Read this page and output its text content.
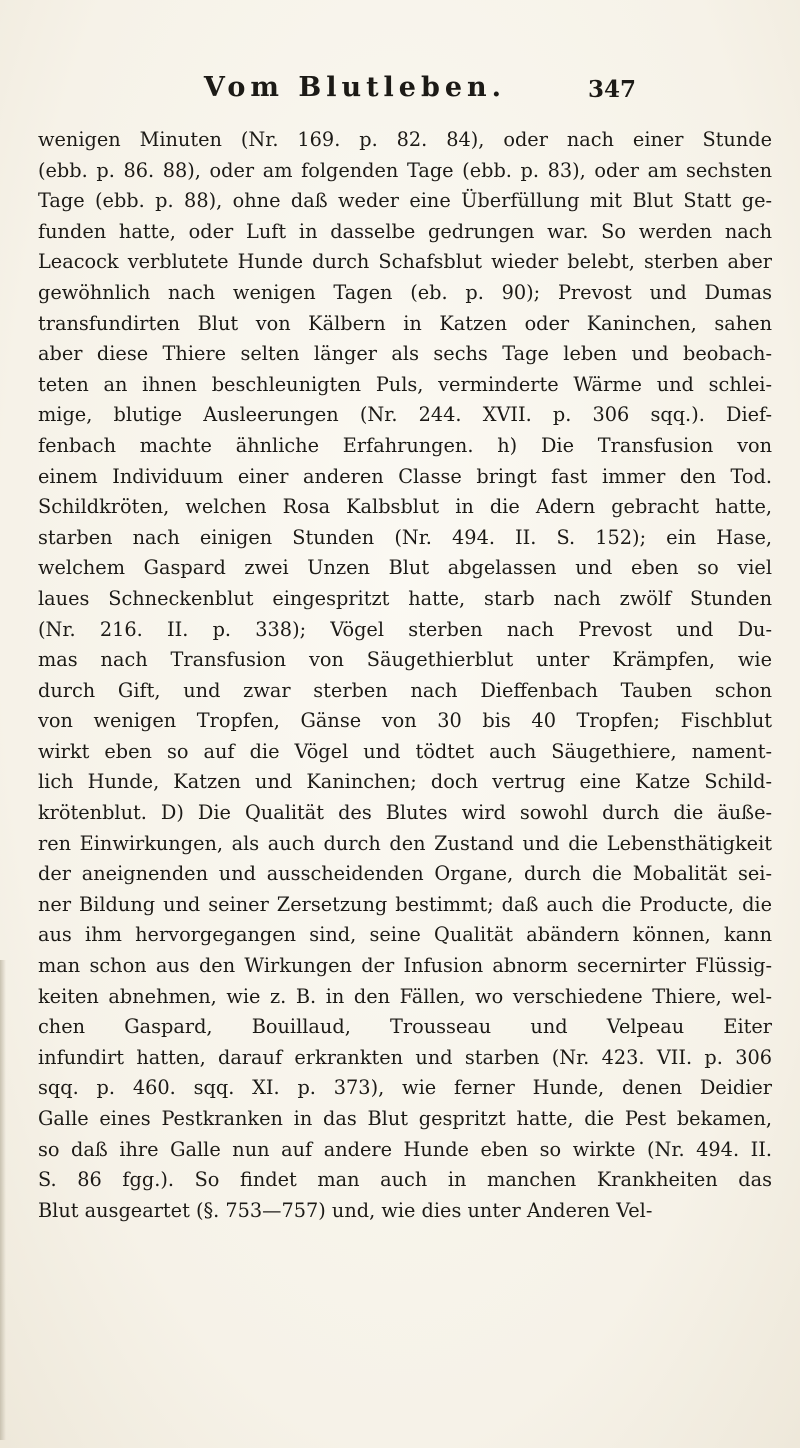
Vom Blutleben.	347
wenigen Minuten (Nr. 169. p. 82. 84), oder nach einer Stunde
(ebb. p. 86. 88), oder am folgenden Tage (ebb. p. 83), oder am sechsten
Tage (ebb. p. 88), ohne daß weder eine Überfüllung mit Blut Statt ge-
funden hatte, oder Luft in dasselbe gedrungen war. So werden nach
Leacock verblutete Hunde durch Schafsblut wieder belebt, sterben aber
gewöhnlich nach wenigen Tagen (eb. p. 90); Prevost und Dumas
transfundirten Blut von Kälbern in Katzen oder Kaninchen, sahen
aber diese Thiere selten länger als sechs Tage leben und beobach-
teten an ihnen beschleunigten Puls, verminderte Wärme und schlei-
mige, blutige Ausleerungen (Nr. 244. XVII. p. 306 sqq.). Dief-
fenbach machte ähnliche Erfahrungen. h) Die Transfusion von
einem Individuum einer anderen Classe bringt fast immer den Tod.
Schildkröten, welchen Rosa Kalbsblut in die Adern gebracht hatte,
starben nach einigen Stunden (Nr. 494. II. S. 152); ein Hase,
welchem Gaspard zwei Unzen Blut abgelassen und eben so viel
laues Schneckenblut eingespritzt hatte, starb nach zwölf Stunden
(Nr. 216. II. p. 338); Vögel sterben nach Prevost und Du-
mas nach Transfusion von Säugethierblut unter Krämpfen, wie
durch Gift, und zwar sterben nach Dieffenbach Tauben schon
von wenigen Tropfen, Gänse von 30 bis 40 Tropfen; Fischblut
wirkt eben so auf die Vögel und tödtet auch Säugethiere, nament-
lich Hunde, Katzen und Kaninchen; doch vertrug eine Katze Schild-
krötenblut. D) Die Qualität des Blutes wird sowohl durch die äuße-
ren Einwirkungen, als auch durch den Zustand und die Lebensthätigkeit
der aneignenden und ausscheidenden Organe, durch die Mobalität sei-
ner Bildung und seiner Zersetzung bestimmt; daß auch die Producte, die
aus ihm hervorgegangen sind, seine Qualität abändern können, kann
man schon aus den Wirkungen der Infusion abnorm secernirter Flüssig-
keiten abnehmen, wie z. B. in den Fällen, wo verschiedene Thiere, wel-
chen Gaspard, Bouillaud, Trousseau und Velpeau Eiter
infundirt hatten, darauf erkrankten und starben (Nr. 423. VII. p. 306
sqq. p. 460. sqq. XI. p. 373), wie ferner Hunde, denen Deidier
Galle eines Pestkranken in das Blut gespritzt hatte, die Pest bekamen,
so daß ihre Galle nun auf andere Hunde eben so wirkte (Nr. 494. II.
S. 86 fgg.). So findet man auch in manchen Krankheiten das
Blut ausgeartet (§. 753—757) und, wie dies unter Anderen Vel-
